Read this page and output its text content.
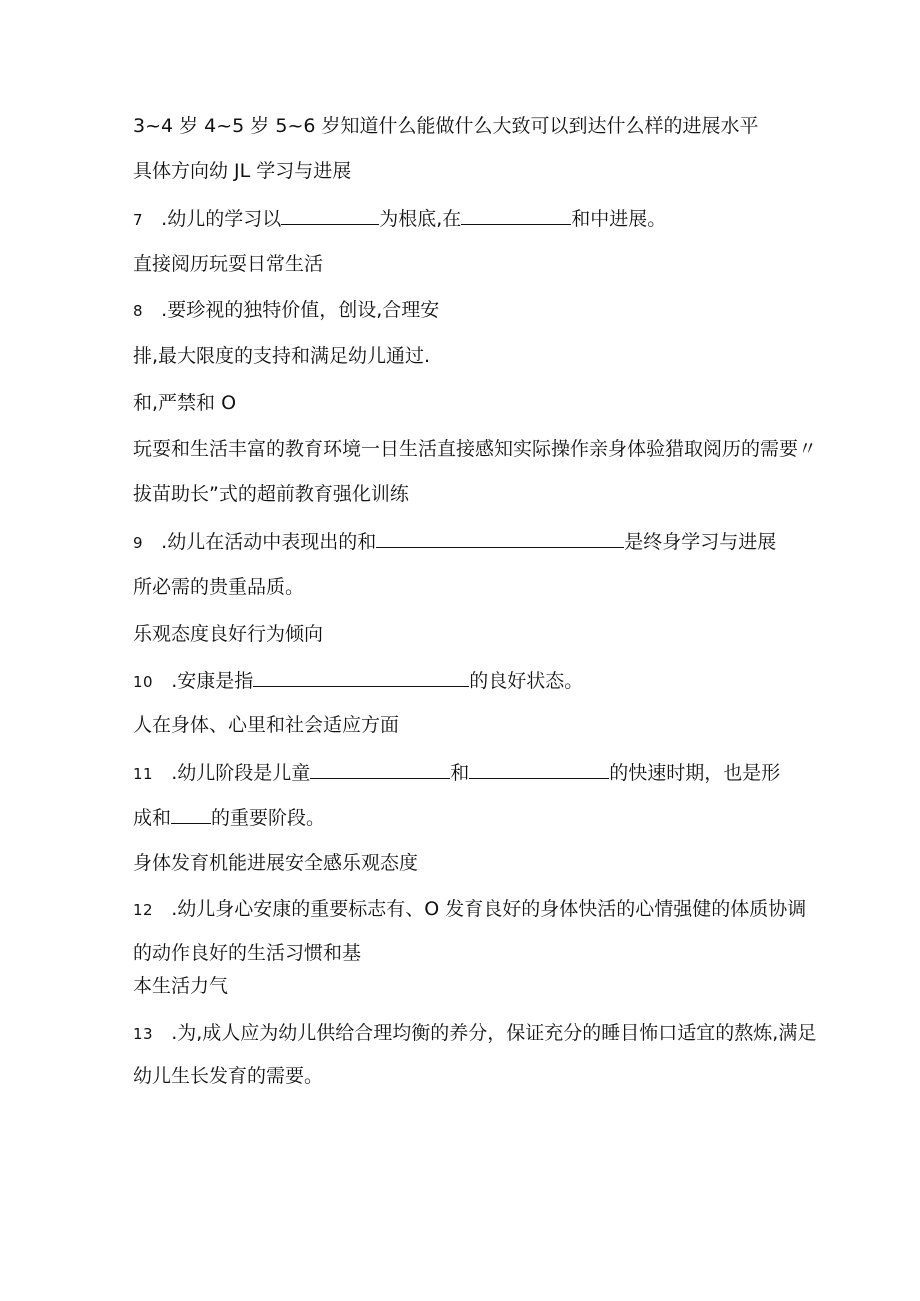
3~4 岁 4~5 岁 5~6 岁知道什么能做什么大致可以到达什么样的进展水平
具体方向幼 JL 学习与进展
7 .幼儿的学习以	为根底,在	和中进展。
直接阅历玩耍日常生活
8 .要珍视的独特价值，创设,合理安
排,最大限度的支持和满足幼儿通过.
和,严禁和 O
玩耍和生活丰富的教育环境一日生活直接感知实际操作亲身体验猎取阅历的需要〃
拔苗助长”式的超前教育强化训练
9 .幼儿在活动中表现出的和	是终身学习与进展
所必需的贵重品质。
乐观态度良好行为倾向
10 .安康是指	的良好状态。
人在身体、心里和社会适应方面
11 .幼儿阶段是儿童	和	的快速时期，也是形
成和 的重要阶段。
身体发育机能进展安全感乐观态度
12 .幼儿身心安康的重要标志有、O 发育良好的身体快活的心情强健的体质协调
的动作良好的生活习惯和基
本生活力气
13 .为,成人应为幼儿供给合理均衡的养分，保证充分的睡目怖口适宜的熬炼,满足
幼儿生长发育的需要。
